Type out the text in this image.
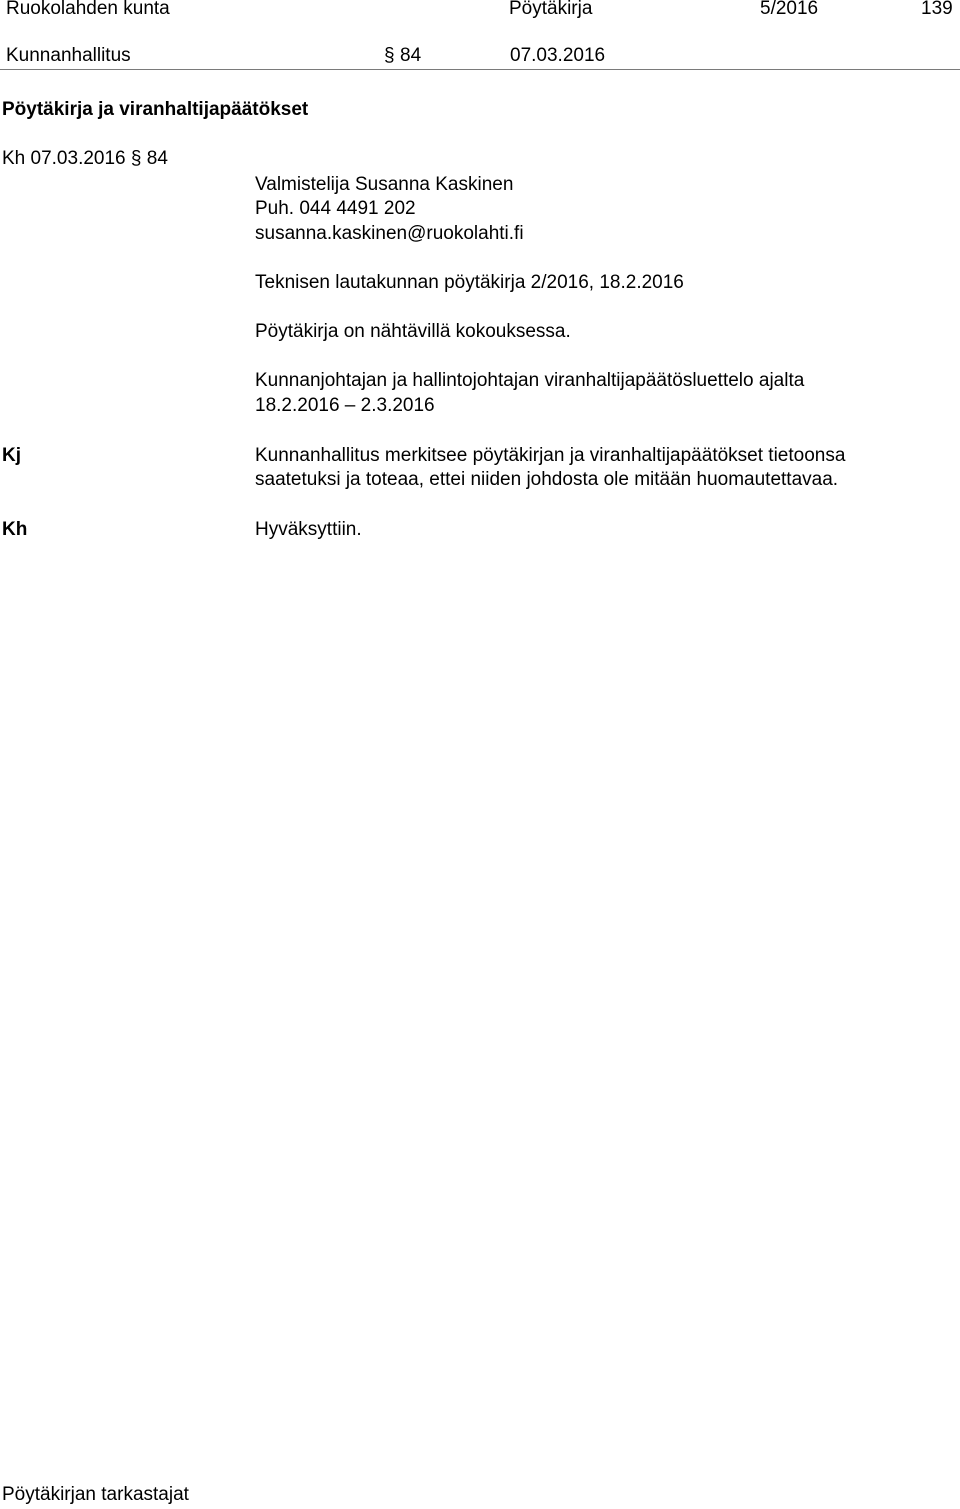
Ruokolahden kunta	Pöytäkirja	5/2016	139
Kunnanhallitus	§ 84	07.03.2016
Pöytäkirja ja viranhaltijapäätökset
Kh 07.03.2016 § 84
Valmistelija Susanna Kaskinen
Puh. 044 4491 202
susanna.kaskinen@ruokolahti.fi
Teknisen lautakunnan pöytäkirja 2/2016, 18.2.2016
Pöytäkirja on nähtävillä kokouksessa.
Kunnanjohtajan ja hallintojohtajan viranhaltijapäätösluettelo ajalta
18.2.2016 – 2.3.2016
Kj	Kunnanhallitus merkitsee pöytäkirjan ja viranhaltijapäätökset tietoonsa
saatetuksi ja toteaa, ettei niiden johdosta ole mitään huomautettavaa.
Kh	Hyväksyttiin.
Pöytäkirjan tarkastajat
